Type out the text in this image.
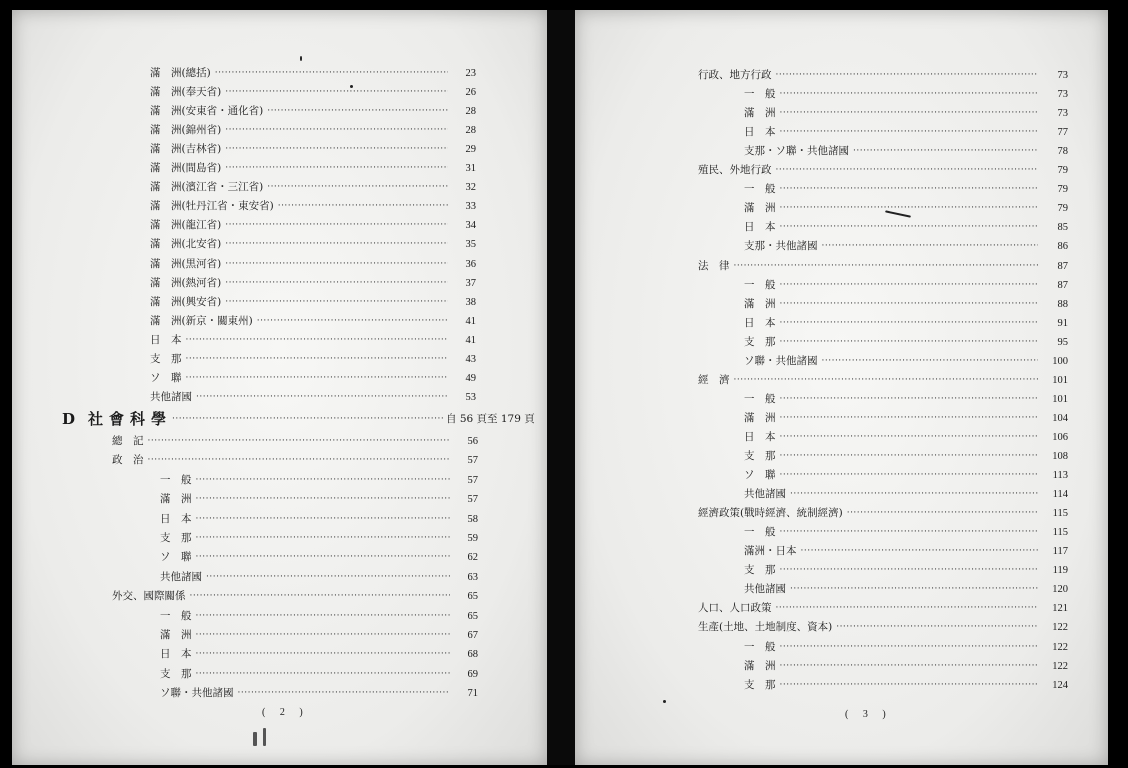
滿　洲(總括) ·····	23
滿　洲(奉天省) ·····	26
滿　洲(安東省・通化省) ·····	28
滿　洲(錦州省) ·····	28
滿　洲(吉林省) ·····	29
滿　洲(間島省) ·····	31
滿　洲(濱江省・三江省) ·····	32
滿　洲(牡丹江省・東安省) ·····	33
滿　洲(龍江省) ·····	34
滿　洲(北安省) ·····	35
滿　洲(黒河省) ·····	36
滿　洲(熱河省) ·····	37
滿　洲(興安省) ·····	38
滿　洲(新京・關東州) ·····	41
日　本 ·····	41
支　那 ·····	43
ソ　聯 ·····	49
共他諸國 ·····	53
D 社會科學 ·····	自 56 頁至 179 頁
總　記 ·····	56
政　治 ·····	57
一　般 ·····	57
滿　洲 ·····	57
日　本 ·····	58
支　那 ·····	59
ソ　聯 ·····	62
共他諸國 ·····	63
外交、國際關係 ·····	65
一　般 ·····	65
滿　洲 ·····	67
日　本 ·····	68
支　那 ·····	69
ソ聯・共他諸國 ·····	71
( 2 )
行政、地方行政 ·····	73
一　般 ·····	73
滿　洲 ·····	73
日　本 ·····	77
支那・ソ聯・共他諸國 ·····	78
殖民、外地行政 ·····	79
一　般 ·····	79
滿　洲 ·····	79
日　本 ·····	85
支那・共他諸國 ·····	86
法　律 ·····	87
一　般 ·····	87
滿　洲 ·····	88
日　本 ·····	91
支　那 ·····	95
ソ聯・共他諸國 ·····	100
經　濟 ·····	101
一　般 ·····	101
滿　洲 ·····	104
日　本 ·····	106
支　那 ·····	108
ソ　聯 ·····	113
共他諸國 ·····	114
經濟政策(戰時經濟、統制經濟) ·····	115
一　般 ·····	115
滿洲・日本 ·····	117
支　那 ·····	119
共他諸國 ·····	120
人口、人口政策 ·····	121
生產(土地、土地制度、資本) ·····	122
一　般 ·····	122
滿　洲 ·····	122
支　那 ·····	124
( 3 )
